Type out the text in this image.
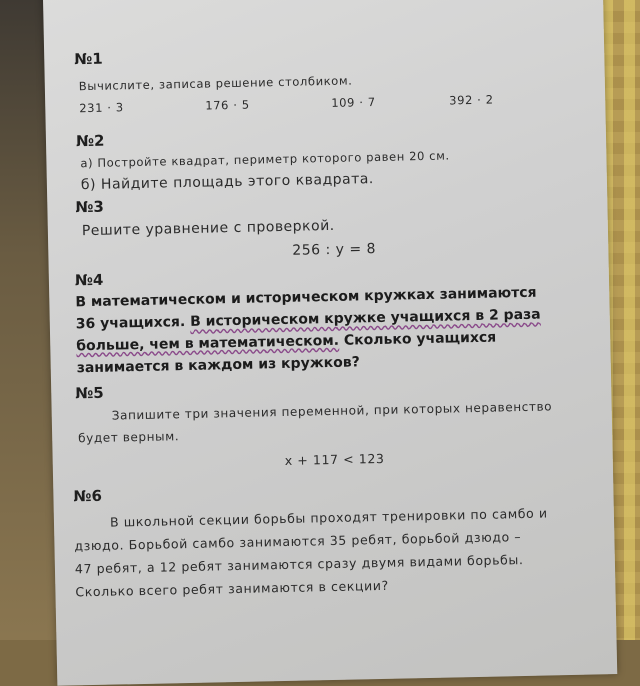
№1
Вычислите, записав решение столбиком.
231 · 3	176 · 5	109 · 7	392 · 2
№2
а) Постройте квадрат, периметр которого равен 20 см.
б) Найдите площадь этого квадрата.
№3
Решите уравнение с проверкой.
256 : у = 8
№4
В математическом и историческом кружках занимаются
36 учащихся. В историческом кружке учащихся в 2 раза
больше, чем в математическом. Сколько учащихся
занимается в каждом из кружков?
№5
Запишите три значения переменной, при которых неравенство
будет верным.
x + 117 < 123
№6
В школьной секции борьбы проходят тренировки по самбо и
дзюдо. Борьбой самбо занимаются 35 ребят, борьбой дзюдо –
47 ребят, а 12 ребят занимаются сразу двумя видами борьбы.
Сколько всего ребят занимаются в секции?
